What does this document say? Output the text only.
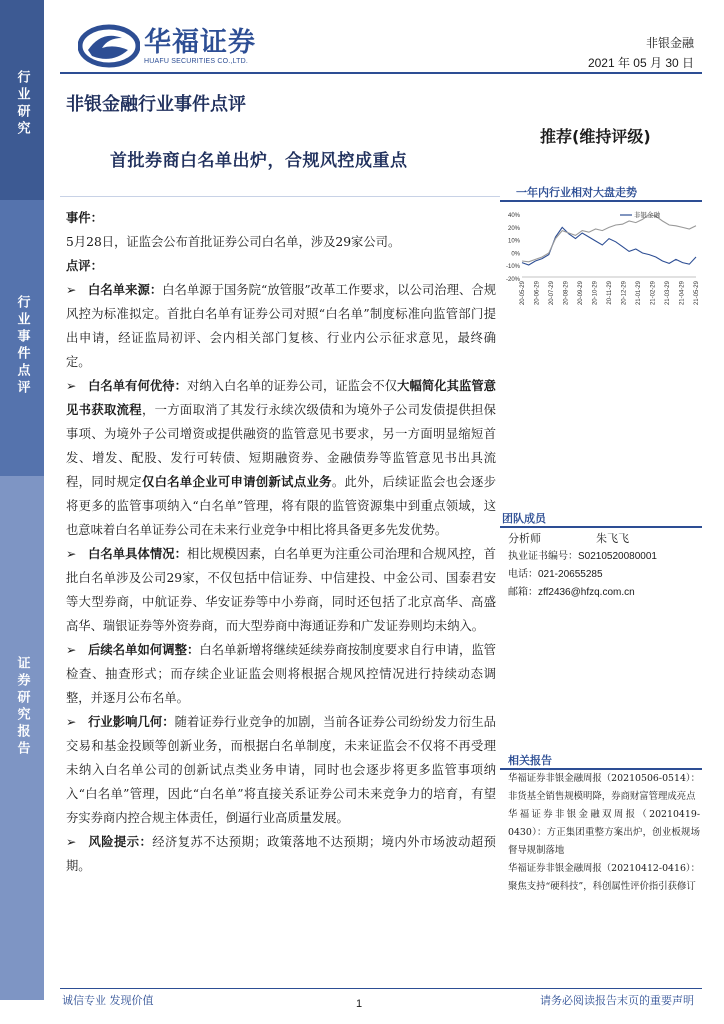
行业研究
行业事件点评
证券研究报告
华福证券
HUAFU SECURITIES CO.,LTD.
非银金融
2021 年 05 月 30 日
非银金融行业事件点评
推荐(维持评级)
首批券商白名单出炉，合规风控成重点

事件：

5月28日，证监会公布首批证券公司白名单，涉及29家公司。

点评：

➢ 白名单来源：白名单源于国务院“放管服”改革工作要求，以公司治理、合规风控为标准拟定。首批白名单有证券公司对照“白名单”制度标准向监管部门提出申请，经证监局初评、会内相关部门复核、行业内公示征求意见，最终确定。

➢ 白名单有何优待：对纳入白名单的证券公司，证监会不仅大幅简化其监管意见书获取流程，一方面取消了其发行永续次级债和为境外子公司发债提供担保事项、为境外子公司增资或提供融资的监管意见书要求，另一方面明显缩短首发、增发、配股、发行可转债、短期融资券、金融债券等监管意见书出具流程，同时规定仅白名单企业可申请创新试点业务。此外，后续证监会也会逐步将更多的监管事项纳入“白名单”管理，将有限的监管资源集中到重点领域，这也意味着白名单证券公司在未来行业竞争中相比将具备更多先发优势。

➢ 白名单具体情况：相比规模因素，白名单更为注重公司治理和合规风控，首批白名单涉及公司29家，不仅包括中信证券、中信建投、中金公司、国泰君安等大型券商，中航证券、华安证券等中小券商，同时还包括了北京高华、高盛高华、瑞银证券等外资券商，而大型券商中海通证券和广发证券则均未纳入。

➢ 后续名单如何调整：白名单新增将继续延续券商按制度要求自行申请，监管检查、抽查形式；而存续企业证监会则将根据合规风控情况进行持续动态调整，并逐月公布名单。

➢ 行业影响几何：随着证券行业竞争的加剧，当前各证券公司纷纷发力衍生品交易和基金投顾等创新业务，而根据白名单制度，未来证监会不仅将不再受理未纳入白名单公司的创新试点类业务申请，同时也会逐步将更多监管事项纳入“白名单”管理，因此“白名单”将直接关系证券公司未来竞争力的培育，有望夯实券商内控合规主体责任，倒逼行业高质量发展。

➢ 风险提示：经济复苏不达预期；政策落地不达预期；境内外市场波动超预期。

一年内行业相对大盘走势
40%
20%
10%
0%
-10%
-20%
非银金融
20-05-29 20-06-29 20-07-29 20-08-29 20-09-29 20-10-29 20-11-29 20-12-29 21-01-29 21-02-29 21-03-29 21-04-29 21-05-29
团队成员
分析师	朱飞飞
执业证书编号： S0210520080001
电话： 021-20655285
邮箱： zff2436@hfzq.com.cn
相关报告

华福证券非银金融周报（20210506-0514）：非货基全销售规模明降，券商财富管理成亮点

华福证券非银金融双周报（20210419-0430）：方正集团重整方案出炉，创业板规场督导规制落地

华福证券非银金融周报（20210412-0416）：聚焦支持“硬科技”，科创属性评价指引获修订

诚信专业 发现价值	1	请务必阅读报告末页的重要声明
